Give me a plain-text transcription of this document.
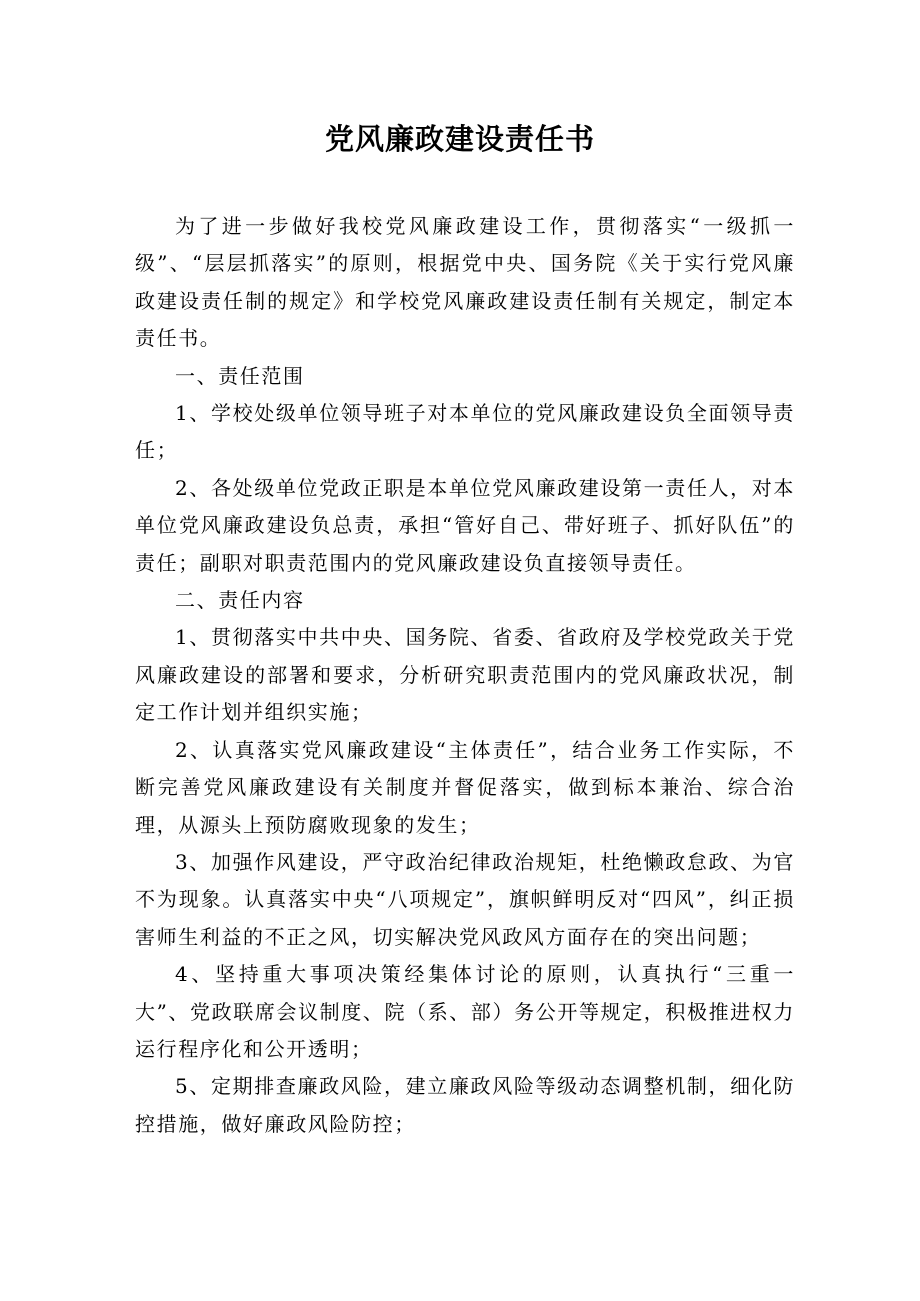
党风廉政建设责任书

为了进一步做好我校党风廉政建设工作，贯彻落实“一级抓一级”、“层层抓落实”的原则，根据党中央、国务院《关于实行党风廉政建设责任制的规定》和学校党风廉政建设责任制有关规定，制定本责任书。

一、责任范围

1、学校处级单位领导班子对本单位的党风廉政建设负全面领导责任；

2、各处级单位党政正职是本单位党风廉政建设第一责任人，对本单位党风廉政建设负总责，承担“管好自己、带好班子、抓好队伍”的责任；副职对职责范围内的党风廉政建设负直接领导责任。

二、责任内容

1、贯彻落实中共中央、国务院、省委、省政府及学校党政关于党风廉政建设的部署和要求，分析研究职责范围内的党风廉政状况，制定工作计划并组织实施；

2、认真落实党风廉政建设“主体责任”，结合业务工作实际，不断完善党风廉政建设有关制度并督促落实，做到标本兼治、综合治理，从源头上预防腐败现象的发生；

3、加强作风建设，严守政治纪律政治规矩，杜绝懒政怠政、为官不为现象。认真落实中央“八项规定”，旗帜鲜明反对“四风”，纠正损害师生利益的不正之风，切实解决党风政风方面存在的突出问题；

4、坚持重大事项决策经集体讨论的原则，认真执行“三重一大”、党政联席会议制度、院（系、部）务公开等规定，积极推进权力运行程序化和公开透明；

5、定期排查廉政风险，建立廉政风险等级动态调整机制，细化防控措施，做好廉政风险防控；
